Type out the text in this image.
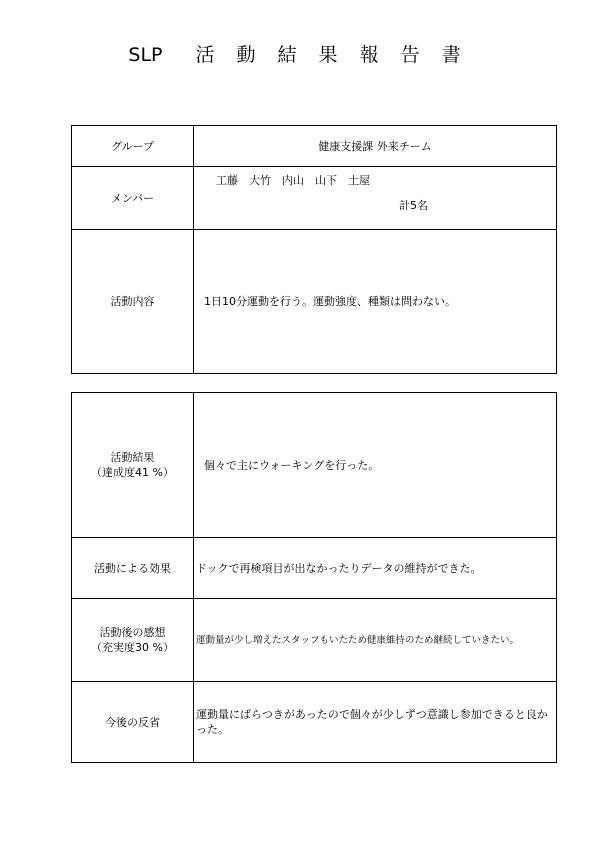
SLP 活 動 結 果 報 告 書
グループ	健康支援課 外来チーム
メンバー	工藤　大竹　内山　山下　土屋
計5名

活動内容	1日10分運動を行う。運動強度、種類は問わない。
活動結果
（達成度41 %）	個々で主にウォーキングを行った。
活動による効果	ドックで再検項目が出なかったりデータの維持ができた。

活動後の感想
（充実度30 %）	運動量が少し増えたスタッフもいたため健康維持のため継続していきたい。
今後の反省	運動量にばらつきがあったので個々が少しずつ意識し参加できると良かった。
